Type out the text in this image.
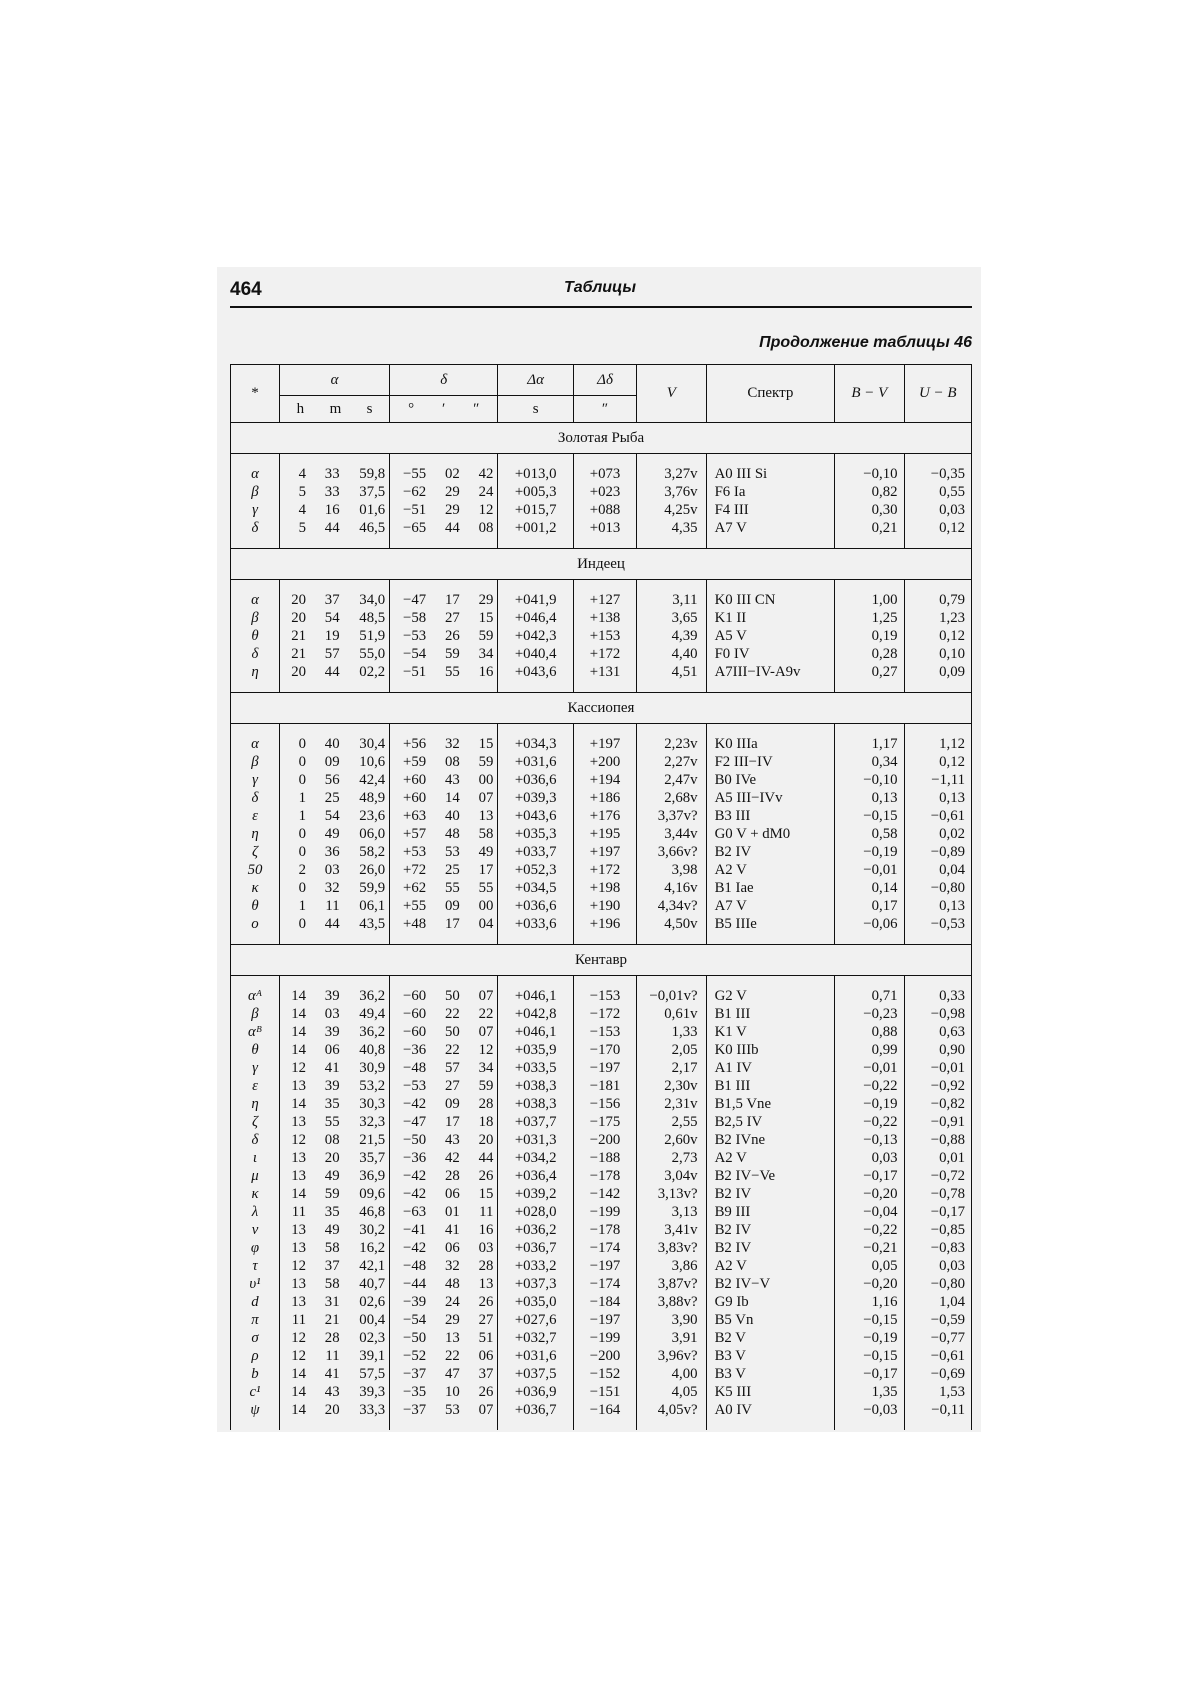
464	Таблицы
Продолжение таблицы 46
*	α	δ	Δα	Δδ	V	Спектр	B − V	U − B

	h m s	° ′ ″	s	″				
Золотая Рыба								

α	4 33 59,8	−55 02 42	+013,0	+073	3,27v	A0 III Si	−0,10	−0,35
β	5 33 37,5	−62 29 24	+005,3	+023	3,76v	F6 Ia	0,82	0,55
γ	4 16 01,6	−51 29 12	+015,7	+088	4,25v	F4 III	0,30	0,03
δ	5 44 46,5	−65 44 08	+001,2	+013	4,35	A7 V	0,21	0,12

Индеец								

α	20 37 34,0	−47 17 29	+041,9	+127	3,11	K0 III CN	1,00	0,79
β	20 54 48,5	−58 27 15	+046,4	+138	3,65	K1 II	1,25	1,23
θ	21 19 51,9	−53 26 59	+042,3	+153	4,39	A5 V	0,19	0,12
δ	21 57 55,0	−54 59 34	+040,4	+172	4,40	F0 IV	0,28	0,10
η	20 44 02,2	−51 55 16	+043,6	+131	4,51	A7III−IV-A9v	0,27	0,09

Кассиопея								

α	0 40 30,4	+56 32 15	+034,3	+197	2,23v	K0 IIIa	1,17	1,12
β	0 09 10,6	+59 08 59	+031,6	+200	2,27v	F2 III−IV	0,34	0,12
γ	0 56 42,4	+60 43 00	+036,6	+194	2,47v	B0 IVe	−0,10	−1,11
δ	1 25 48,9	+60 14 07	+039,3	+186	2,68v	A5 III−IVv	0,13	0,13
ε	1 54 23,6	+63 40 13	+043,6	+176	3,37v?	B3 III	−0,15	−0,61
η	0 49 06,0	+57 48 58	+035,3	+195	3,44v	G0 V + dM0	0,58	0,02
ζ	0 36 58,2	+53 53 49	+033,7	+197	3,66v?	B2 IV	−0,19	−0,89
50	2 03 26,0	+72 25 17	+052,3	+172	3,98	A2 V	−0,01	0,04
κ	0 32 59,9	+62 55 55	+034,5	+198	4,16v	B1 Iae	0,14	−0,80
θ	1 11 06,1	+55 09 00	+036,6	+190	4,34v?	A7 V	0,17	0,13
ο	0 44 43,5	+48 17 04	+033,6	+196	4,50v	B5 IIIe	−0,06	−0,53

Кентавр								

αᴬ	14 39 36,2	−60 50 07	+046,1	−153	−0,01v?	G2 V	0,71	0,33
β	14 03 49,4	−60 22 22	+042,8	−172	0,61v	B1 III	−0,23	−0,98
αᴮ	14 39 36,2	−60 50 07	+046,1	−153	1,33	K1 V	0,88	0,63
θ	14 06 40,8	−36 22 12	+035,9	−170	2,05	K0 IIIb	0,99	0,90
γ	12 41 30,9	−48 57 34	+033,5	−197	2,17	A1 IV	−0,01	−0,01
ε	13 39 53,2	−53 27 59	+038,3	−181	2,30v	B1 III	−0,22	−0,92
η	14 35 30,3	−42 09 28	+038,3	−156	2,31v	B1,5 Vne	−0,19	−0,82
ζ	13 55 32,3	−47 17 18	+037,7	−175	2,55	B2,5 IV	−0,22	−0,91
δ	12 08 21,5	−50 43 20	+031,3	−200	2,60v	B2 IVne	−0,13	−0,88
ι	13 20 35,7	−36 42 44	+034,2	−188	2,73	A2 V	0,03	0,01
μ	13 49 36,9	−42 28 26	+036,4	−178	3,04v	B2 IV−Ve	−0,17	−0,72
κ	14 59 09,6	−42 06 15	+039,2	−142	3,13v?	B2 IV	−0,20	−0,78
λ	11 35 46,8	−63 01 11	+028,0	−199	3,13	B9 III	−0,04	−0,17
ν	13 49 30,2	−41 41 16	+036,2	−178	3,41v	B2 IV	−0,22	−0,85
φ	13 58 16,2	−42 06 03	+036,7	−174	3,83v?	B2 IV	−0,21	−0,83
τ	12 37 42,1	−48 32 28	+033,2	−197	3,86	A2 V	0,05	0,03
υ¹	13 58 40,7	−44 48 13	+037,3	−174	3,87v?	B2 IV−V	−0,20	−0,80
d	13 31 02,6	−39 24 26	+035,0	−184	3,88v?	G9 Ib	1,16	1,04
π	11 21 00,4	−54 29 27	+027,6	−197	3,90	B5 Vn	−0,15	−0,59
σ	12 28 02,3	−50 13 51	+032,7	−199	3,91	B2 V	−0,19	−0,77
ρ	12 11 39,1	−52 22 06	+031,6	−200	3,96v?	B3 V	−0,15	−0,61
b	14 41 57,5	−37 47 37	+037,5	−152	4,00	B3 V	−0,17	−0,69
c¹	14 43 39,3	−35 10 26	+036,9	−151	4,05	K5 III	1,35	1,53
ψ	14 20 33,3	−37 53 07	+036,7	−164	4,05v?	A0 IV	−0,03	−0,11
